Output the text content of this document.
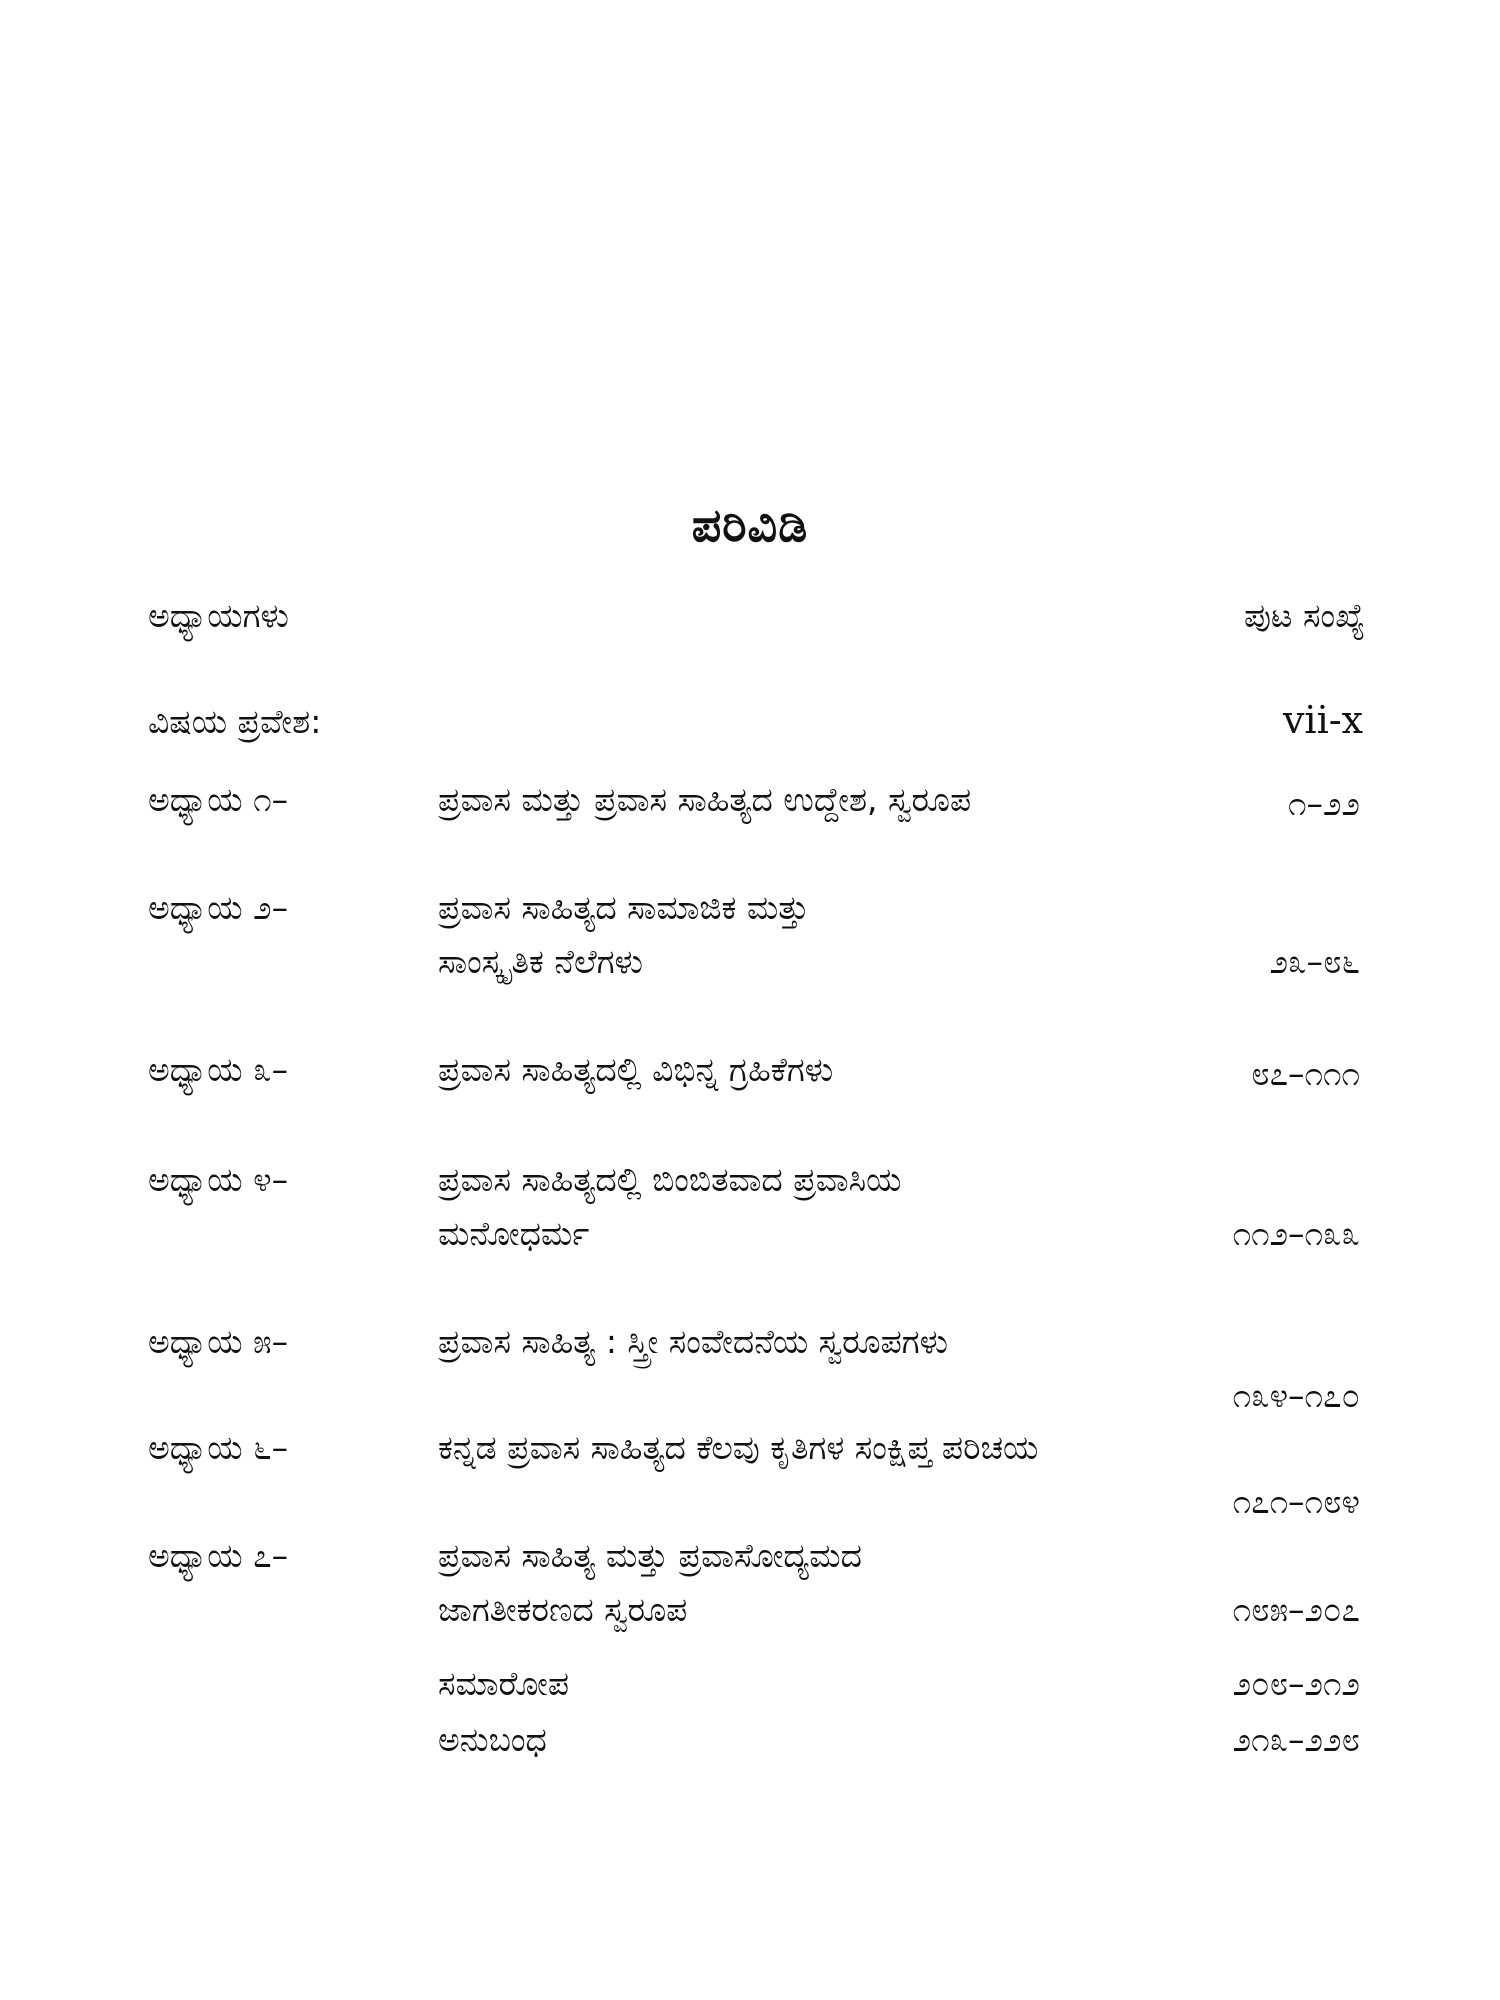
ಪರಿವಿಡಿ
ಅಧ್ಯಾಯಗಳು	ಪುಟ ಸಂಖ್ಯೆ
ವಿಷಯ ಪ್ರವೇಶ:	vii-x
ಅಧ್ಯಾಯ ೧–	ಪ್ರವಾಸ ಮತ್ತು ಪ್ರವಾಸ ಸಾಹಿತ್ಯದ ಉದ್ದೇಶ, ಸ್ವರೂಪ	೧–೨೨
ಅಧ್ಯಾಯ ೨–	ಪ್ರವಾಸ ಸಾಹಿತ್ಯದ ಸಾಮಾಜಿಕ ಮತ್ತು
ಸಾಂಸ್ಕೃತಿಕ ನೆಲೆಗಳು	೨೩–೮೬
ಅಧ್ಯಾಯ ೩–	ಪ್ರವಾಸ ಸಾಹಿತ್ಯದಲ್ಲಿ ವಿಭಿನ್ನ ಗ್ರಹಿಕೆಗಳು	೮೭–೧೧೧
ಅಧ್ಯಾಯ ೪–	ಪ್ರವಾಸ ಸಾಹಿತ್ಯದಲ್ಲಿ ಬಿಂಬಿತವಾದ ಪ್ರವಾಸಿಯ
ಮನೋಧರ್ಮ	೧೧೨–೧೩೩
ಅಧ್ಯಾಯ ೫–	ಪ್ರವಾಸ ಸಾಹಿತ್ಯ : ಸ್ತ್ರೀ ಸಂವೇದನೆಯ ಸ್ವರೂಪಗಳು
೧೩೪–೧೭೦
ಅಧ್ಯಾಯ ೬–	ಕನ್ನಡ ಪ್ರವಾಸ ಸಾಹಿತ್ಯದ ಕೆಲವು ಕೃತಿಗಳ ಸಂಕ್ಷಿಪ್ತ ಪರಿಚಯ
೧೭೧–೧೮೪
ಅಧ್ಯಾಯ ೭–	ಪ್ರವಾಸ ಸಾಹಿತ್ಯ ಮತ್ತು ಪ್ರವಾಸೋದ್ಯಮದ
ಜಾಗತೀಕರಣದ ಸ್ವರೂಪ	೧೮೫–೨೦೭
ಸಮಾರೋಪ	೨೦೮–೨೧೨
ಅನುಬಂಧ	೨೧೩–೨೨೮
